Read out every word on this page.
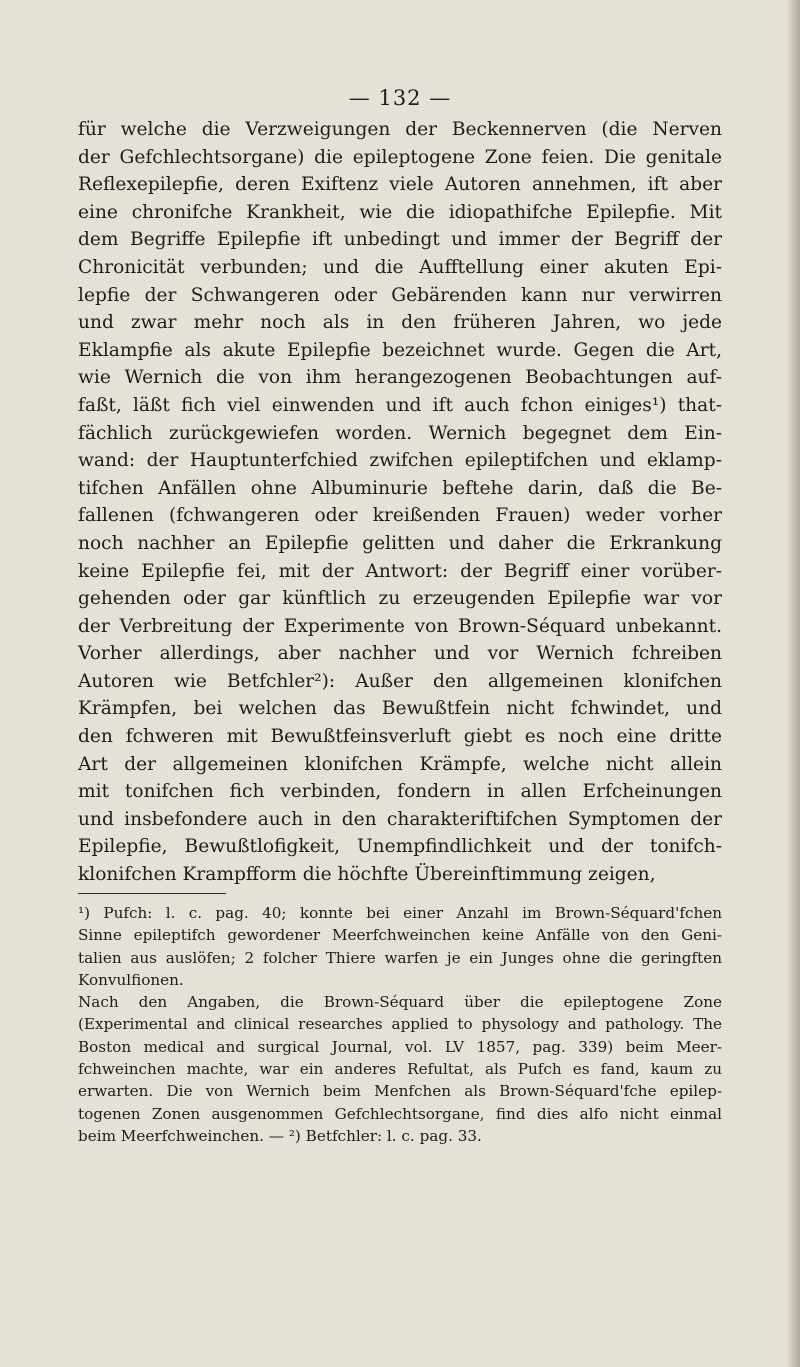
— 132 —
für welche die Verzweigungen der Beckennerven (die Nerven
der Gefchlechtsorgane) die epileptogene Zone feien. Die genitale
Reflexepilepfie, deren Exiftenz viele Autoren annehmen, ift aber
eine chronifche Krankheit, wie die idiopathifche Epilepfie. Mit
dem Begriffe Epilepfie ift unbedingt und immer der Begriff der
Chronicität verbunden; und die Aufftellung einer akuten Epi-
lepfie der Schwangeren oder Gebärenden kann nur verwirren
und zwar mehr noch als in den früheren Jahren, wo jede
Eklampfie als akute Epilepfie bezeichnet wurde. Gegen die Art,
wie Wernich die von ihm herangezogenen Beobachtungen auf-
faßt, läßt fich viel einwenden und ift auch fchon einiges¹) that-
fächlich zurückgewiefen worden. Wernich begegnet dem Ein-
wand: der Hauptunterfchied zwifchen epileptifchen und eklamp-
tifchen Anfällen ohne Albuminurie beftehe darin, daß die Be-
fallenen (fchwangeren oder kreißenden Frauen) weder vorher
noch nachher an Epilepfie gelitten und daher die Erkrankung
keine Epilepfie fei, mit der Antwort: der Begriff einer vorüber-
gehenden oder gar künftlich zu erzeugenden Epilepfie war vor
der Verbreitung der Experimente von Brown-Séquard unbekannt.
Vorher allerdings, aber nachher und vor Wernich fchreiben
Autoren wie Betfchler²): Außer den allgemeinen klonifchen
Krämpfen, bei welchen das Bewußtfein nicht fchwindet, und
den fchweren mit Bewußtfeinsverluft giebt es noch eine dritte
Art der allgemeinen klonifchen Krämpfe, welche nicht allein
mit tonifchen fich verbinden, fondern in allen Erfcheinungen
und insbefondere auch in den charakteriftifchen Symptomen der
Epilepfie, Bewußtlofigkeit, Unempfindlichkeit und der tonifch-
klonifchen Krampfform die höchfte Übereinftimmung zeigen,
¹) Pufch: l. c. pag. 40; konnte bei einer Anzahl im Brown-Séquard'fchen
Sinne epileptifch gewordener Meerfchweinchen keine Anfälle von den Geni-
talien aus auslöfen; 2 folcher Thiere warfen je ein Junges ohne die geringften
Konvulfionen.
Nach den Angaben, die Brown-Séquard über die epileptogene Zone
(Experimental and clinical researches applied to physology and pathology. The
Boston medical and surgical Journal, vol. LV 1857, pag. 339) beim Meer-
fchweinchen machte, war ein anderes Refultat, als Pufch es fand, kaum zu
erwarten. Die von Wernich beim Menfchen als Brown-Séquard'fche epilep-
togenen Zonen ausgenommen Gefchlechtsorgane, find dies alfo nicht einmal
beim Meerfchweinchen. — ²) Betfchler: l. c. pag. 33.
